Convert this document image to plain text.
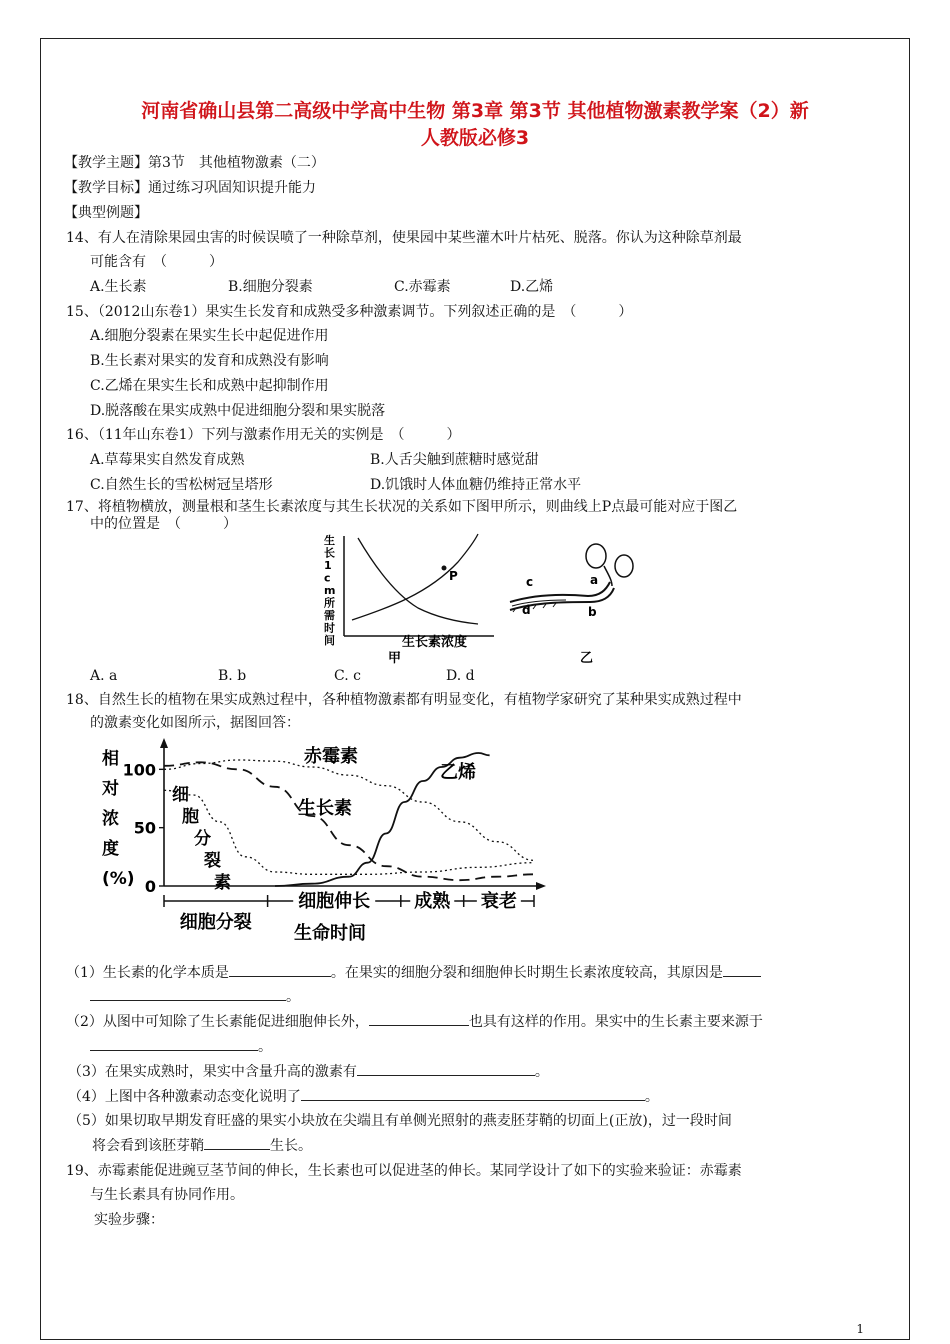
河南省确山县第二高级中学高中生物 第3章 第3节 其他植物激素教学案（2）新
人教版必修3
【教学主题】第3节　其他植物激素（二）
【教学目标】通过练习巩固知识提升能力
【典型例题】
14、有人在清除果园虫害的时候误喷了一种除草剂，使果园中某些灌木叶片枯死、脱落。你认为这种除草剂最
可能含有　（　　　）
A.生长素	B.细胞分裂素	C.赤霉素	D.乙烯
15、（2012山东卷1）果实生长发育和成熟受多种激素调节。下列叙述正确的是　（　　　）
A.细胞分裂素在果实生长中起促进作用
B.生长素对果实的发育和成熟没有影响
C.乙烯在果实生长和成熟中起抑制作用
D.脱落酸在果实成熟中促进细胞分裂和果实脱落
16、（11年山东卷1）下列与激素作用无关的实例是　（　　　）
A.草莓果实自然发育成熟	B.人舌尖触到蔗糖时感觉甜
C.自然生长的雪松树冠呈塔形	D.饥饿时人体血糖仍维持正常水平
17、将植物横放，测量根和茎生长素浓度与其生长状况的关系如下图甲所示，则曲线上P点最可能对应于图乙
中的位置是　（　　　）
P
生长素浓度
甲
生
长
1
c
m
所
需
时
间
a
b
c
d
乙
A. a	B. b	C. c	D. d
18、自然生长的植物在果实成熟过程中，各种植物激素都有明显变化，有植物学家研究了某种果实成熟过程中
的激素变化如图所示，据图回答：
相
对
浓
度
(%)
100
50
0
细胞分裂
细胞伸长 成熟 衰老
赤霉素
生长素
细
胞
分
裂
素
乙烯
生命时间
（1）生长素的化学本质是	。在果实的细胞分裂和细胞伸长时期生长素浓度较高，其原因是
。
（2）从图中可知除了生长素能促进细胞伸长外，	也具有这样的作用。果实中的生长素主要来源于
。
（3）在果实成熟时，果实中含量升高的激素有	。
（4）上图中各种激素动态变化说明了	。
（5）如果切取早期发育旺盛的果实小块放在尖端且有单侧光照射的燕麦胚芽鞘的切面上(正放)，过一段时间
将会看到该胚芽鞘	生长。
19、赤霉素能促进豌豆茎节间的伸长，生长素也可以促进茎的伸长。某同学设计了如下的实验来验证：赤霉素
与生长素具有协同作用。
实验步骤：
1
